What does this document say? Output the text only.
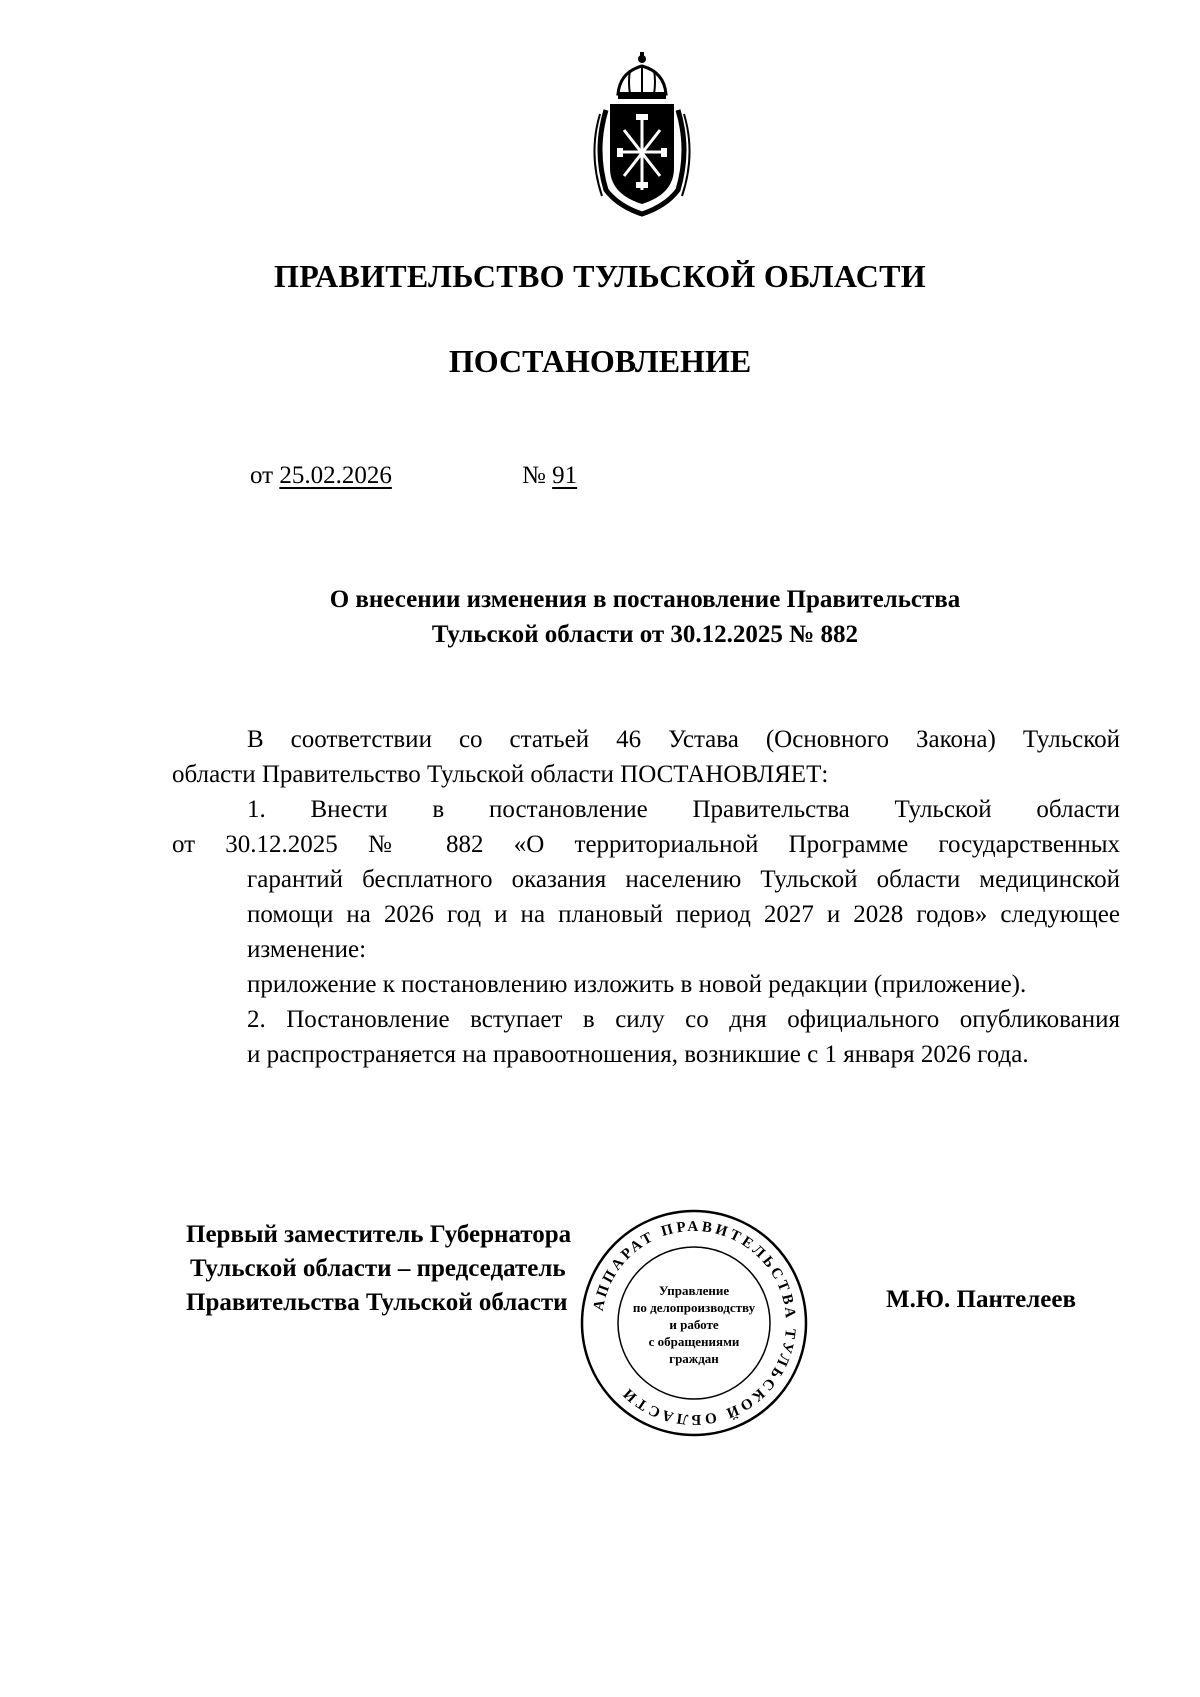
ПРАВИТЕЛЬСТВО ТУЛЬСКОЙ ОБЛАСТИ
ПОСТАНОВЛЕНИЕ
от 25.02.2026	№ 91
О внесении изменения в постановление Правительства
Тульской области от 30.12.2025 № 882

В соответствии со статьей 46 Устава (Основного Закона) Тульской
области Правительство Тульской области ПОСТАНОВЛЯЕТ:

1. Внести в постановление Правительства Тульской области
от 30.12.2025 № 882 «О территориальной Программе государственных
гарантий бесплатного оказания населению Тульской области медицинской
помощи на 2026 год и на плановый период 2027 и 2028 годов» следующее
изменение:

приложение к постановлению изложить в новой редакции (приложение).

2. Постановление вступает в силу со дня официального опубликования
и распространяется на правоотношения, возникшие с 1 января 2026 года.

Первый заместитель Губернатора
Тульской области – председатель
Правительства Тульской области	М.Ю. Пантелеев
АППАРАТ ПРАВИТЕЛЬСТВА ТУЛЬСКОЙ ОБЛАСТИ
Управление
по делопроизводству
и работе
с обращениями
граждан
